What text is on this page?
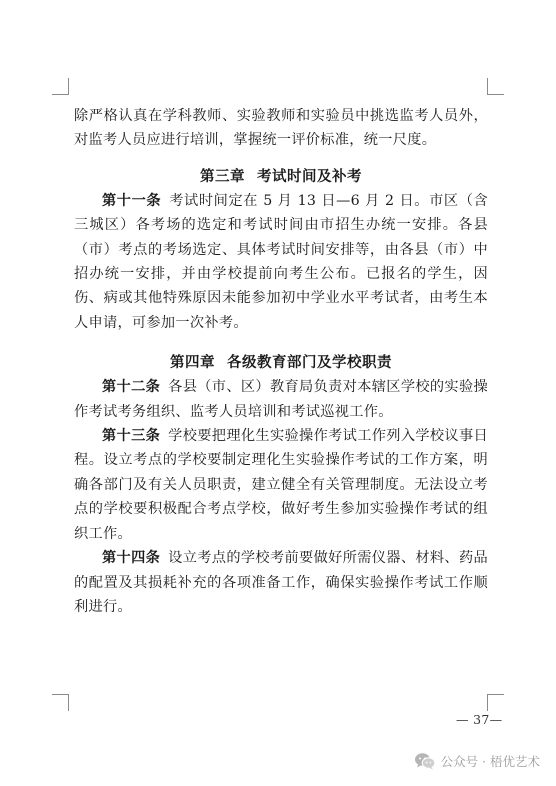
除严格认真在学科教师、实验教师和实验员中挑选监考人员外，对监考人员应进行培训，掌握统一评价标准，统一尺度。

第三章 考试时间及补考

第十一条 考试时间定在 5 月 13 日—6 月 2 日。市区（含三城区）各考场的选定和考试时间由市招生办统一安排。各县（市）考点的考场选定、具体考试时间安排等，由各县（市）中招办统一安排，并由学校提前向考生公布。已报名的学生，因伤、病或其他特殊原因未能参加初中学业水平考试者，由考生本人申请，可参加一次补考。

第四章 各级教育部门及学校职责

第十二条 各县（市、区）教育局负责对本辖区学校的实验操作考试考务组织、监考人员培训和考试巡视工作。

第十三条 学校要把理化生实验操作考试工作列入学校议事日程。设立考点的学校要制定理化生实验操作考试的工作方案，明确各部门及有关人员职责，建立健全有关管理制度。无法设立考点的学校要积极配合考点学校，做好考生参加实验操作考试的组织工作。

第十四条 设立考点的学校考前要做好所需仪器、材料、药品的配置及其损耗补充的各项准备工作，确保实验操作考试工作顺利进行。

— 37—
公众号 · 梧优艺术
